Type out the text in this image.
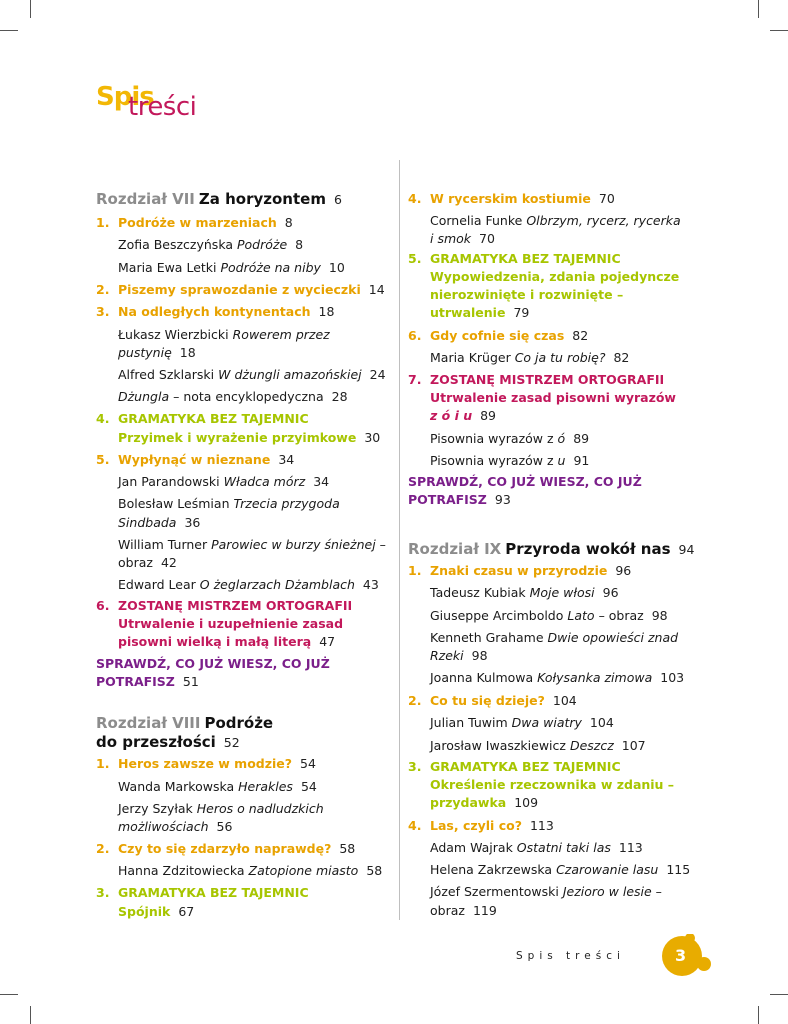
Spis
treści
Rozdział VII Za horyzontem 6
1. Podróże w marzeniach 8
Zofia Beszczyńska Podróże 8
Maria Ewa Letki Podróże na niby 10
2. Piszemy sprawozdanie z wycieczki 14
3. Na odległych kontynentach 18
Łukasz Wierzbicki Rowerem przez
pustynię 18
Alfred Szklarski W dżungli amazońskiej 24
Dżungla – nota encyklopedyczna 28
4. GRAMATYKA BEZ TAJEMNIC
Przyimek i wyrażenie przyimkowe 30
5. Wypłynąć w nieznane 34
Jan Parandowski Władca mórz 34
Bolesław Leśmian Trzecia przygoda
Sindbada 36
William Turner Parowiec w burzy śnieżnej –
obraz 42
Edward Lear O żeglarzach Dżamblach 43
6. ZOSTANĘ MISTRZEM ORTOGRAFII
Utrwalenie i uzupełnienie zasad
pisowni wielką i małą literą 47
SPRAWDŹ, CO JUŻ WIESZ, CO JUŻ
POTRAFISZ 51
Rozdział VIII Podróże
do przeszłości 52
1. Heros zawsze w modzie? 54
Wanda Markowska Herakles 54
Jerzy Szyłak Heros o nadludzkich
możliwościach 56
2. Czy to się zdarzyło naprawdę? 58
Hanna Zdzitowiecka Zatopione miasto 58
3. GRAMATYKA BEZ TAJEMNIC
Spójnik 67
4. W rycerskim kostiumie 70
Cornelia Funke Olbrzym, rycerz, rycerka
i smok 70
5. GRAMATYKA BEZ TAJEMNIC
Wypowiedzenia, zdania pojedyncze
nierozwinięte i rozwinięte –
utrwalenie 79
6. Gdy cofnie się czas 82
Maria Krüger Co ja tu robię? 82
7. ZOSTANĘ MISTRZEM ORTOGRAFII
Utrwalenie zasad pisowni wyrazów
z ó i u 89
Pisownia wyrazów z ó 89
Pisownia wyrazów z u 91
SPRAWDŹ, CO JUŻ WIESZ, CO JUŻ
POTRAFISZ 93
Rozdział IX Przyroda wokół nas 94
1. Znaki czasu w przyrodzie 96
Tadeusz Kubiak Moje włosi 96
Giuseppe Arcimboldo Lato – obraz 98
Kenneth Grahame Dwie opowieści znad
Rzeki 98
Joanna Kulmowa Kołysanka zimowa 103
2. Co tu się dzieje? 104
Julian Tuwim Dwa wiatry 104
Jarosław Iwaszkiewicz Deszcz 107
3. GRAMATYKA BEZ TAJEMNIC
Określenie rzeczownika w zdaniu –
przydawka 109
4. Las, czyli co? 113
Adam Wajrak Ostatni taki las 113
Helena Zakrzewska Czarowanie lasu 115
Józef Szermentowski Jezioro w lesie –
obraz 119
Spis treści	3
